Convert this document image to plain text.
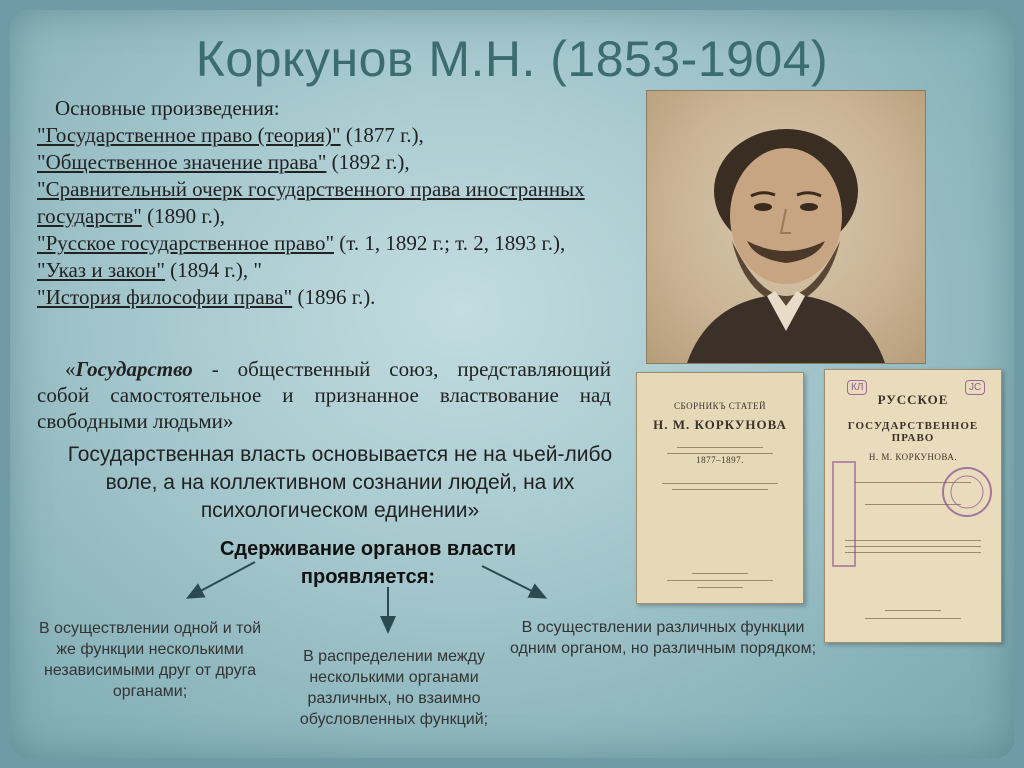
Коркунов М.Н. (1853-1904)
Основные произведения:
"Государственное право (теория)" (1877 г.),
"Общественное значение права" (1892 г.),
"Сравнительный очерк государственного права иностранных государств" (1890 г.),
"Русское государственное право" (т. 1, 1892 г.; т. 2, 1893 г.),
"Указ и закон" (1894 г.), "
"История философии права" (1896 г.).
«Государство - общественный союз, представляющий собой самостоятельное и признанное властвование над свободными людьми»
Государственная власть основывается не на чьей-либо воле, а на коллективном сознании людей, на их психологическом единении»
Сдерживание органов власти проявляется:
В осуществлении одной и той же функции несколькими независимыми друг от друга органами;
В распределении между несколькими органами различных, но взаимно обусловленных функций;
В осуществлении различных функции одним органом, но различным порядком;
СБОРНИКЪ СТАТЕЙ
Н. М. КОРКУНОВА
1877–1897.
РУССКОЕ
ГОСУДАРСТВЕННОЕ ПРАВО
Н. М. КОРКУНОВА.
КЛ	JC
